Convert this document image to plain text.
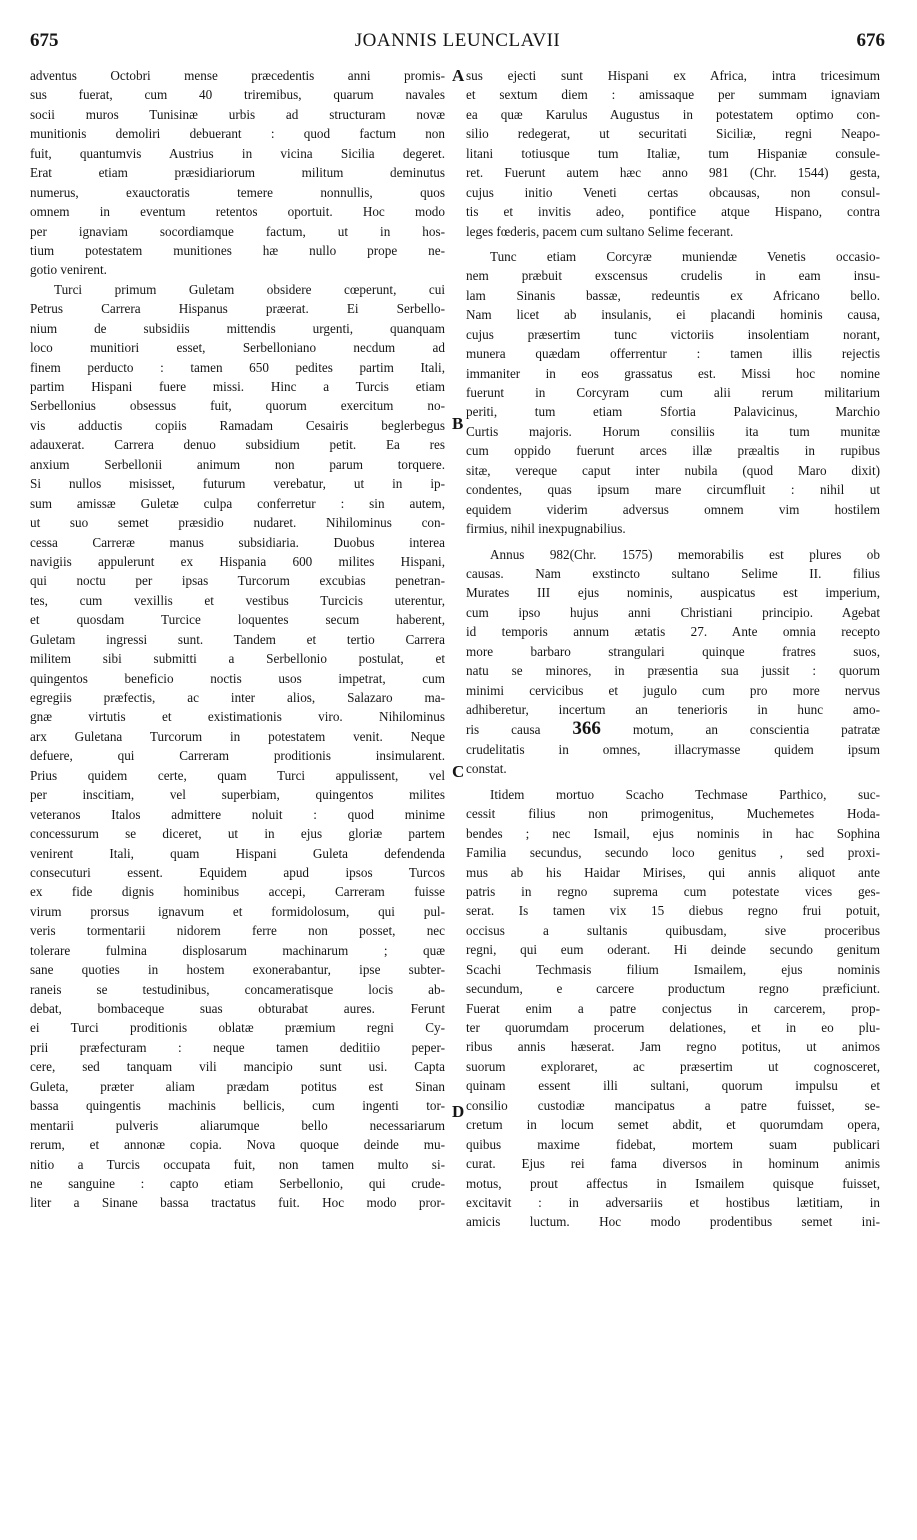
675	JOANNIS LEUNCLAVII	676

adventus Octobri mense præcedentis anni promis-

sus fuerat, cum 40 triremibus, quarum navales

socii muros Tunisinæ urbis ad structuram novæ

munitionis demoliri debuerant : quod factum non

fuit, quantumvis Austrius in vicina Sicilia degeret.

Erat etiam præsidiariorum militum deminutus

numerus, exauctoratis temere nonnullis, quos

omnem in eventum retentos oportuit. Hoc modo

per ignaviam socordiamque factum, ut in hos-

tium potestatem munitiones hæ nullo prope ne-

gotio venirent.

Turci primum Guletam obsidere cœperunt, cui

Petrus Carrera Hispanus præerat. Ei Serbello-

nium de subsidiis mittendis urgenti, quanquam

loco munitiori esset, Serbelloniano necdum ad

finem perducto : tamen 650 pedites partim Itali,

partim Hispani fuere missi. Hinc a Turcis etiam

Serbellonius obsessus fuit, quorum exercitum no-

vis adductis copiis Ramadam Cesairis beglerbegus

adauxerat. Carrera denuo subsidium petit. Ea res

anxium Serbellonii animum non parum torquere.

Si nullos misisset, futurum verebatur, ut in ip-

sum amissæ Guletæ culpa conferretur : sin autem,

ut suo semet præsidio nudaret. Nihilominus con-

cessa Carreræ manus subsidiaria. Duobus interea

navigiis appulerunt ex Hispania 600 milites Hispani,

qui noctu per ipsas Turcorum excubias penetran-

tes, cum vexillis et vestibus Turcicis uterentur,

et quosdam Turcice loquentes secum haberent,

Guletam ingressi sunt. Tandem et tertio Carrera

militem sibi submitti a Serbellonio postulat, et

quingentos beneficio noctis usos impetrat, cum

egregiis præfectis, ac inter alios, Salazaro ma-

gnæ virtutis et existimationis viro. Nihilominus

arx Guletana Turcorum in potestatem venit. Neque

defuere, qui Carreram proditionis insimularent.

Prius quidem certe, quam Turci appulissent, vel

per inscitiam, vel superbiam, quingentos milites

veteranos Italos admittere noluit : quod minime

concessurum se diceret, ut in ejus gloriæ partem

venirent Itali, quam Hispani Guleta defendenda

consecuturi essent. Equidem apud ipsos Turcos

ex fide dignis hominibus accepi, Carreram fuisse

virum prorsus ignavum et formidolosum, qui pul-

veris tormentarii nidorem ferre non posset, nec

tolerare fulmina displosarum machinarum ; quæ

sane quoties in hostem exonerabantur, ipse subter-

raneis se testudinibus, concameratisque locis ab-

debat, bombaceque suas obturabat aures. Ferunt

ei Turci proditionis oblatæ præmium regni Cy-

prii præfecturam : neque tamen deditiio peper-

cere, sed tanquam vili mancipio sunt usi. Capta

Guleta, præter aliam prædam potitus est Sinan

bassa quingentis machinis bellicis, cum ingenti tor-

mentarii pulveris aliarumque bello necessariarum

rerum, et annonæ copia. Nova quoque deinde mu-

nitio a Turcis occupata fuit, non tamen multo si-

ne sanguine : capto etiam Serbellonio, qui crude-

liter a Sinane bassa tractatus fuit. Hoc modo pror-

sus ejecti sunt Hispani ex Africa, intra tricesimum

et sextum diem : amissaque per summam ignaviam

ea quæ Karulus Augustus in potestatem optimo con-

silio redegerat, ut securitati Siciliæ, regni Neapo-

litani totiusque tum Italiæ, tum Hispaniæ consule-

ret. Fuerunt autem hæc anno 981 (Chr. 1544) gesta,

cujus initio Veneti certas obcausas, non consul-

tis et invitis adeo, pontifice atque Hispano, contra

leges fœderis, pacem cum sultano Selime fecerant.

Tunc etiam Corcyræ muniendæ Venetis occasio-

nem præbuit exscensus crudelis in eam insu-

lam Sinanis bassæ, redeuntis ex Africano bello.

Nam licet ab insulanis, ei placandi hominis causa,

cujus præsertim tunc victoriis insolentiam norant,

munera quædam offerrentur : tamen illis rejectis

immaniter in eos grassatus est. Missi hoc nomine

fuerunt in Corcyram cum alii rerum militarium

periti, tum etiam Sfortia Palavicinus, Marchio

Curtis majoris. Horum consiliis ita tum munitæ

cum oppido fuerunt arces illæ præaltis in rupibus

sitæ, vereque caput inter nubila (quod Maro dixit)

condentes, quas ipsum mare circumfluit : nihil ut

equidem viderim adversus omnem vim hostilem

firmius, nihil inexpugnabilius.

Annus 982(Chr. 1575) memorabilis est plures ob

causas. Nam exstincto sultano Selime II. filius

Murates III ejus nominis, auspicatus est imperium,

cum ipso hujus anni Christiani principio. Agebat

id temporis annum ætatis 27. Ante omnia recepto

more barbaro strangulari quinque fratres suos,

natu se minores, in præsentia sua jussit : quorum

minimi cervicibus et jugulo cum pro more nervus

adhiberetur, incertum an tenerioris in hunc amo-

ris causa 366 motum, an conscientia patratæ

crudelitatis in omnes, illacrymasse quidem ipsum

constat.

Itidem mortuo Scacho Techmase Parthico, suc-

cessit filius non primogenitus, Muchemetes Hoda-

bendes ; nec Ismail, ejus nominis in hac Sophina

Familia secundus, secundo loco genitus , sed proxi-

mus ab his Haidar Mirises, qui annis aliquot ante

patris in regno suprema cum potestate vices ges-

serat. Is tamen vix 15 diebus regno frui potuit,

occisus a sultanis quibusdam, sive proceribus

regni, qui eum oderant. Hi deinde secundo genitum

Scachi Techmasis filium Ismailem, ejus nominis

secundum, e carcere productum regno præficiunt.

Fuerat enim a patre conjectus in carcerem, prop-

ter quorumdam procerum delationes, et in eo plu-

ribus annis hæserat. Jam regno potitus, ut animos

suorum exploraret, ac præsertim ut cognosceret,

quinam essent illi sultani, quorum impulsu et

consilio custodiæ mancipatus a patre fuisset, se-

cretum in locum semet abdit, et quorumdam opera,

quibus maxime fidebat, mortem suam publicari

curat. Ejus rei fama diversos in hominum animis

motus, prout affectus in Ismailem quisque fuisset,

excitavit : in adversariis et hostibus lætitiam, in

amicis luctum. Hoc modo prodentibus semet ini-

A
B
C
D
